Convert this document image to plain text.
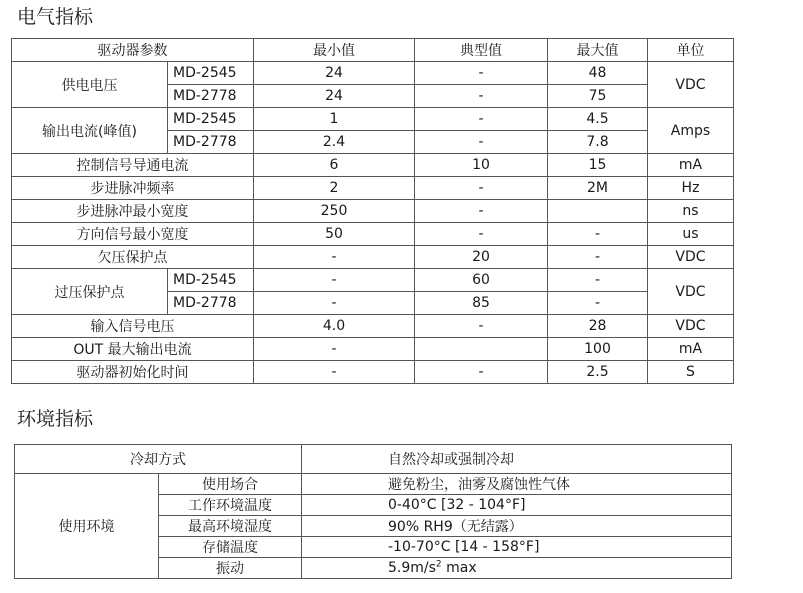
电气指标
驱动器参数		最小值	典型值	最大值	单位
供电电压	MD-2545	24	-	48	VDC
	MD-2778	24	-	75	
输出电流(峰值)	MD-2545	1	-	4.5	Amps
	MD-2778	2.4	-	7.8	
控制信号导通电流		6	10	15	mA
步进脉冲频率		2	-	2M	Hz
步进脉冲最小宽度		250	-		ns
方向信号最小宽度		50	-	-	us
欠压保护点		-	20	-	VDC
过压保护点	MD-2545	-	60	-	VDC
	MD-2778	-	85	-	
输入信号电压		4.0	-	28	VDC
OUT 最大输出电流		-		100	mA
驱动器初始化时间		-	-	2.5	S
环境指标
冷却方式		自然冷却或强制冷却
使用环境	使用场合	避免粉尘，油雾及腐蚀性气体
	工作环境温度	0-40°C [32 - 104°F]
	最高环境湿度	90% RH9（无结露）
	存储温度	-10-70°C [14 - 158°F]
	振动	$5.9m/s^2$ max
